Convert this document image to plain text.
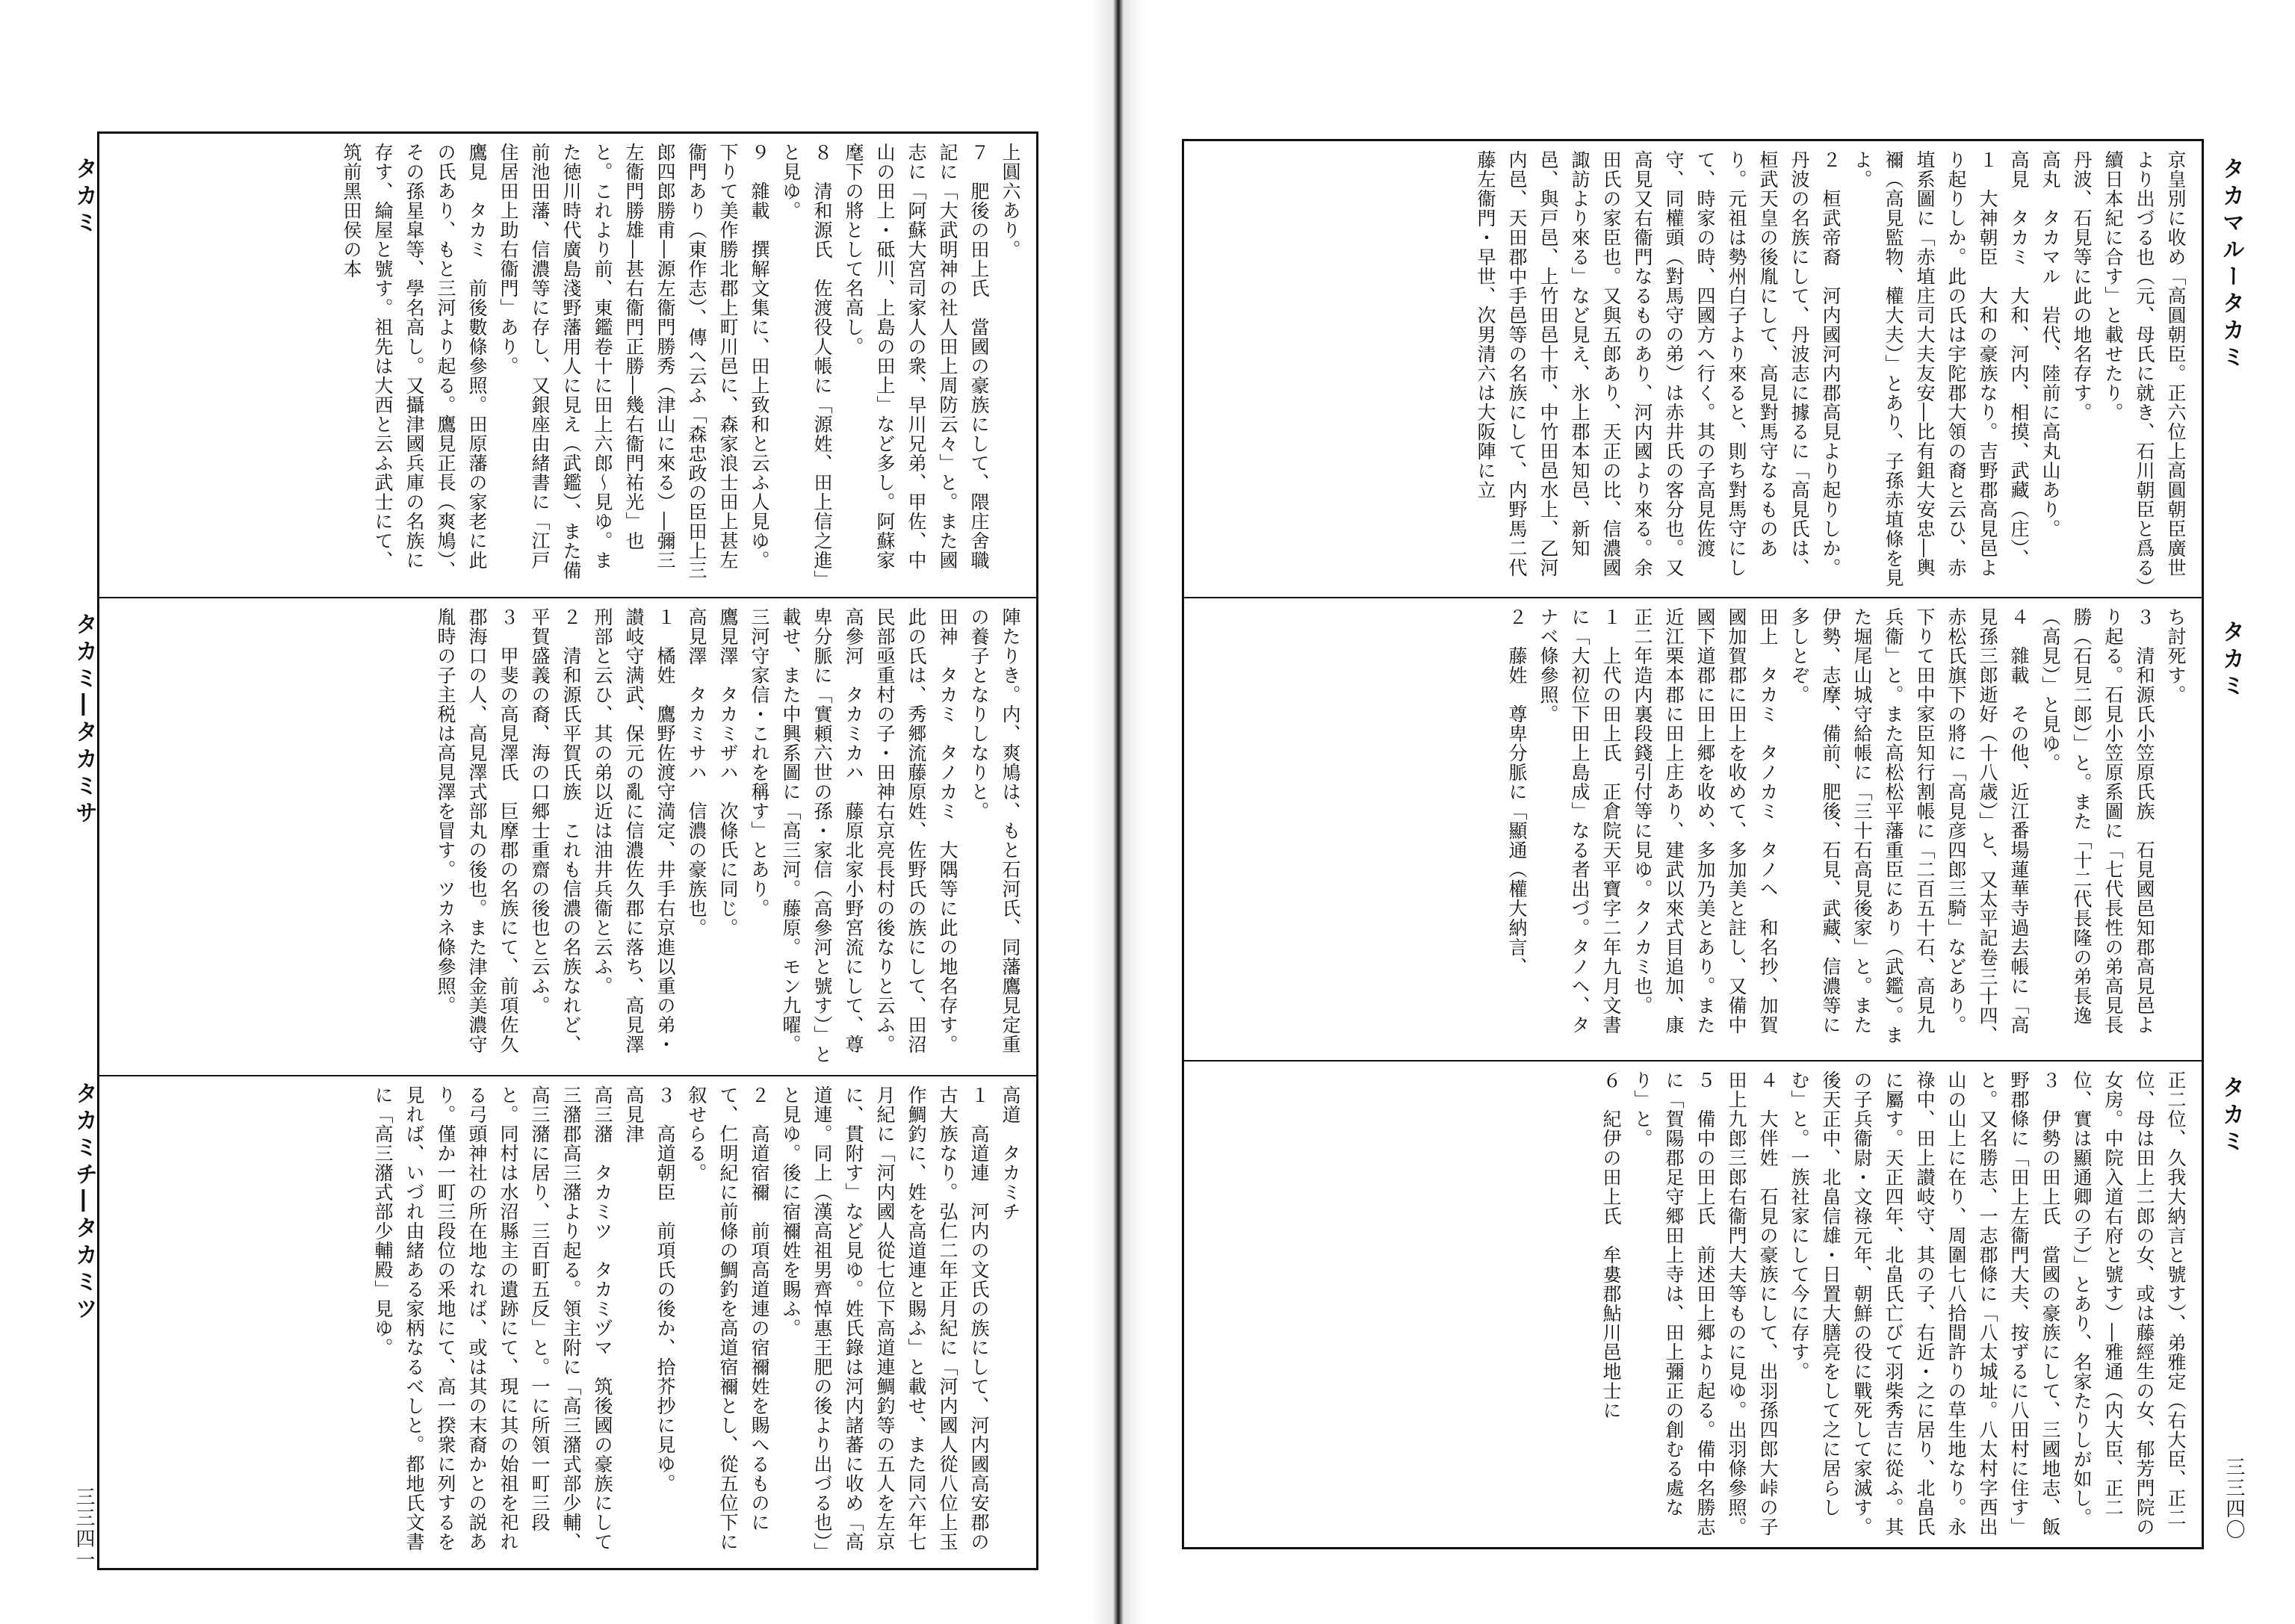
タカミ
タカミ―タカミサ
タカミチ―タカミツ
上圓六あり。
７　肥後の田上氏　當國の豪族にして、隈庄舍職記に「大武明神の社人田上周防云々」と。また國志に「阿蘇大宮司家人の衆、早川兄弟、甲佐、中山の田上・砥川、上島の田上」など多し。阿蘇家麾下の將として名高し。
８　清和源氏　佐渡役人帳に「源姓、田上信之進」と見ゆ。
９　雜載　撰解文集に、田上致和と云ふ人見ゆ。下りて美作勝北郡上町川邑に、森家浪士田上甚左衞門あり（東作志）、傳へ云ふ「森忠政の臣田上三郎四郎勝甫―源左衞門勝秀（津山に來る）―彌三左衞門勝雄―甚右衞門正勝―幾右衞門祐光」也と。これより前、東鑑卷十に田上六郎〜見ゆ。また徳川時代廣島淺野藩用人に見え（武鑑）、また備前池田藩、信濃等に存し、又銀座由緒書に「江戸住居田上助右衞門」あり。
鷹見　タカミ　前後數條參照。田原藩の家老に此の氏あり、もと三河より起る。鷹見正長（爽鳩）、その孫星皐等、學名高し。又攝津國兵庫の名族に存す、綸屋と號す。祖先は大西と云ふ武士にて、筑前黑田侯の本
陣たりき。内、爽鳩は、もと石河氏、同藩鷹見定重の養子となりしなりと。
田神　タカミ　タノカミ　大隅等に此の地名存す。
此の氏は、秀郷流藤原姓、佐野氏の族にして、田沼民部亟重村の子・田神右京亮長村の後なりと云ふ。
高參河　タカミカハ　藤原北家小野宮流にして、尊卑分脈に「實頼六世の孫・家信（高參河と號す）」と載せ、また中興系圖に「高三河。藤原。モン九曜。三河守家信・これを稱す」とあり。
鷹見澤　タカミザハ　次條氏に同じ。
高見澤　タカミサハ　信濃の豪族也。
１　橘姓　鷹野佐渡守満定、井手右京進以重の弟・讃岐守满武、保元の亂に信濃佐久郡に落ち、高見澤刑部と云ひ、其の弟以近は油井兵衞と云ふ。
２　清和源氏平賀氏族　これも信濃の名族なれど、平賀盛義の裔、海の口郷士重齋の後也と云ふ。
３　甲斐の高見澤氏　巨摩郡の名族にて、前項佐久郡海口の人、高見澤式部丸の後也。また津金美濃守胤時の子主税は高見澤を冒す。ツカネ條參照。
高道　タカミチ
１　高道連　河内の文氏の族にして、河内國高安郡の古大族なり。弘仁二年正月紀に「河内國人從八位上玉作鯛釣に、姓を高道連と賜ふ」と載せ、また同六年七月紀に「河内國人從七位下高道連鯛釣等の五人を左京に、貫附す」など見ゆ。姓氏錄は河内諸蕃に收め「高道連。同上（漢高祖男齊悼惠王肥の後より出づる也）」と見ゆ。後に宿禰姓を賜ふ。
２　高道宿禰　前項高道連の宿禰姓を賜へるものにて、仁明紀に前條の鯛釣を高道宿禰とし、從五位下に叙せらる。
３　高道朝臣　前項氏の後か、拾芥抄に見ゆ。
高見津
高三潴　タカミツ　タカミヅマ　筑後國の豪族にして三潴郡高三潴より起る。領主附に「高三潴式部少輔、高三潴に居り、三百町五反」と。一に所領一町三段と。同村は水沼縣主の遺跡にて、現に其の始祖を祀れる弓頭神社の所在地なれば、或は其の末裔かとの説あり。僅か一町三段位の釆地にて、高一揆衆に列するを見れば、いづれ由緒ある家柄なるべしと。都地氏文書に「高三潴式部少輔殿」見ゆ。
三三四一
タカマルータカミ
タカミ
タカミ
京皇別に收め「高圓朝臣。正六位上高圓朝臣廣世より出づる也（元、母氏に就き、石川朝臣と爲る）續日本紀に合す」と載せたり。
丹波、石見等に此の地名存す。
高丸　タカマル　岩代、陸前に高丸山あり。
高見　タカミ　大和、河内、相摸、武藏（庄）、
１　大神朝臣　大和の豪族なり。吉野郡高見邑より起りしか。此の氏は宇陀郡大領の裔と云ひ、赤埴系圖に「赤埴庄司大夫友安―比有鉏大安忠―輿禰（高見監物、權大夫）」とあり、子孫赤埴條を見よ。
２　桓武帝裔　河内國河内郡高見より起りしか。丹波の名族にして、丹波志に據るに「高見氏は、桓武天皇の後胤にして、高見對馬守なるものあり。元祖は勢州白子より來ると、則ち對馬守にして、時家の時、四國方へ行く。其の子高見佐渡守、同權頭（對馬守の弟）は赤井氏の客分也。又高見又右衞門なるものあり、河内國より來る。余田氏の家臣也。又與五郎あり、天正の比、信濃國諏訪より來る」など見え、氷上郡本知邑、新知邑、與戸邑、上竹田邑十市、中竹田邑水上、乙河内邑、天田郡中手邑等の名族にして、内野馬二代藤左衞門・早世、次男清六は大阪陣に立
ち討死す。
３　清和源氏小笠原氏族　石見國邑知郡高見邑より起る。石見小笠原系圖に「七代長性の弟高見長勝（石見二郎）」と。また「十二代長隆の弟長逸（高見）」と見ゆ。
４　雜載　その他、近江番場蓮華寺過去帳に「高見孫三郎逝好（十八歳）」と、又太平記卷三十四、赤松氏旗下の將に「高見彦四郎三騎」などあり。下りて田中家臣知行割帳に「二百五十石、高見九兵衞」と。また高松松平藩重臣にあり（武鑑）。また堀尾山城守給帳に「三十石高見後家」と。また伊勢、志摩、備前、肥後、石見、武藏、信濃等に多しとぞ。
田上　タカミ　タノカミ　タノヘ　和名抄、加賀國加賀郡に田上を收めて、多加美と註し、又備中國下道郡に田上郷を收め、多加乃美とあり。また近江栗本郡に田上庄あり、建武以來式目追加、康正二年造内裏段錢引付等に見ゆ。タノカミ也。
１　上代の田上氏　正倉院天平寶字二年九月文書に「大初位下田上島成」なる者出づ。タノヘ、タナベ條參照。
２　藤姓　尊卑分脈に「顯通（權大納言、
正二位、久我大納言と號す）、弟雅定（右大臣、正二位、母は田上二郎の女、或は藤經生の女、郁芳門院の女房。中院入道右府と號す）―雅通（内大臣、正二位、實は顯通卿の子）」とあり、名家たりしが如し。
３　伊勢の田上氏　當國の豪族にして、三國地志、飯野郡條に「田上左衞門大夫、按ずるに八田村に住す」と。又名勝志、一志郡條に「八太城址。八太村字西出山の山上に在り、周圍七八拾間許りの草生地なり。永祿中、田上讃岐守、其の子、右近・之に居り、北畠氏に屬す。天正四年、北畠氏亡びて羽柴秀吉に從ふ。其の子兵衞尉・文祿元年、朝鮮の役に戰死して家滅す。後天正中、北畠信雄・日置大膳亮をして之に居らしむ」と。一族社家にして今に存す。
４　大伴姓　石見の豪族にして、出羽孫四郎大峠の子田上九郎三郎右衞門大夫等ものに見ゆ。出羽條參照。
５　備中の田上氏　前述田上郷より起る。備中名勝志に「賀陽郡足守郷田上寺は、田上彌正の創むる處なり」と。
６　紀伊の田上氏　牟婁郡鮎川邑地士に
三三四〇
